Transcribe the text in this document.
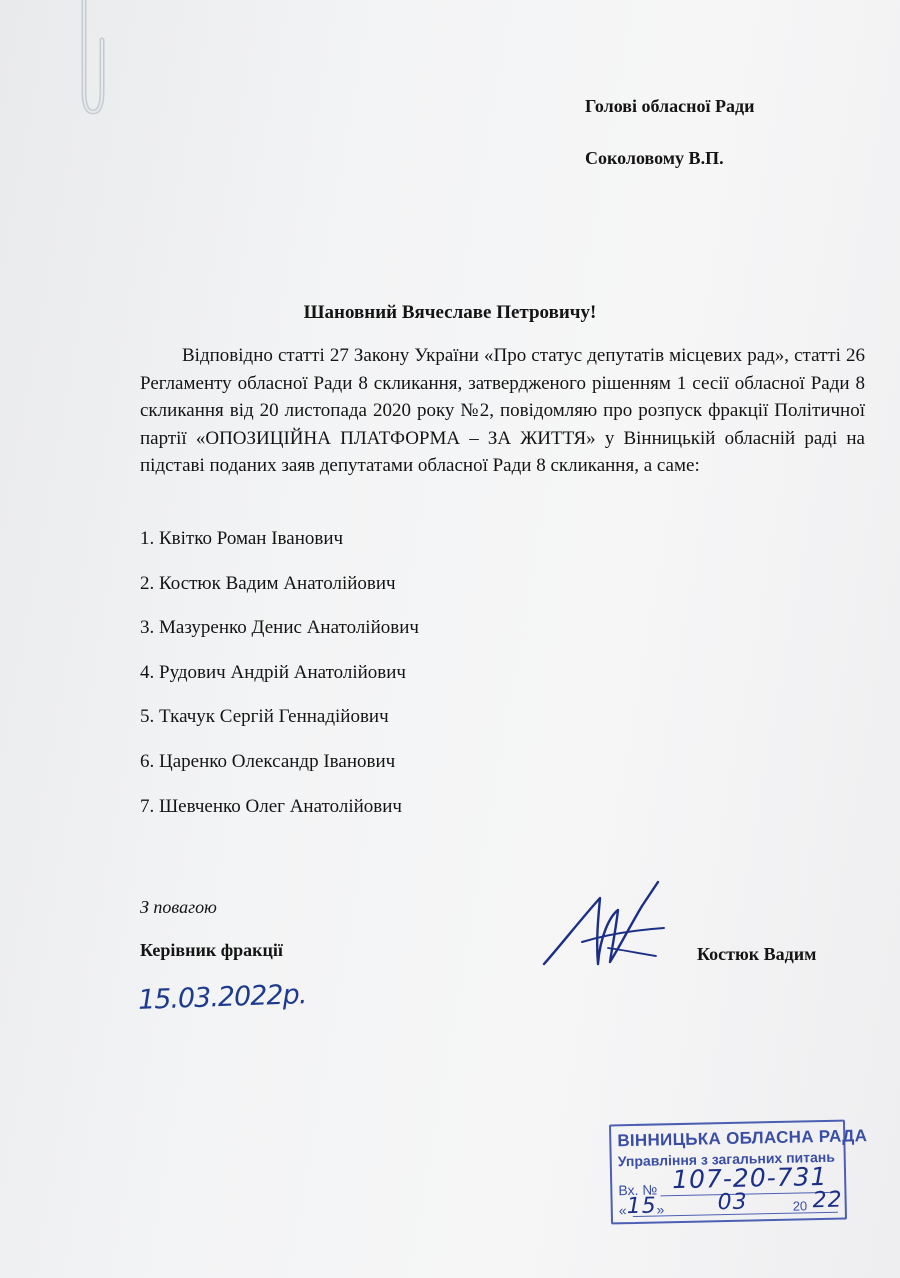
Голові обласної Ради
Соколовому В.П.
Шановний Вячеславе Петровичу!

Відповідно статті 27 Закону України «Про статус депутатів місцевих рад», статті 26 Регламенту обласної Ради 8 скликання, затвердженого рішенням 1 сесії обласної Ради 8 скликання від 20 листопада 2020 року №2, повідомляю про розпуск фракції Політичної партії «ОПОЗИЦІЙНА ПЛАТФОРМА – ЗА ЖИТТЯ» у Вінницькій обласній раді на підставі поданих заяв депутатами обласної Ради 8 скликання, а саме:

1. Квітко Роман Іванович
2. Костюк Вадим Анатолійович
3. Мазуренко Денис Анатолійович
4. Рудович Андрій Анатолійович
5. Ткачук Сергій Геннадійович
6. Царенко Олександр Іванович
7. Шевченко Олег Анатолійович
З повагою
Керівник фракції	Костюк Вадим
15.03.2022р.
ВІННИЦЬКА ОБЛАСНА РАДА
Управління з загальних питань
Вх. № 107-20-731
« »
15	03	20 22
